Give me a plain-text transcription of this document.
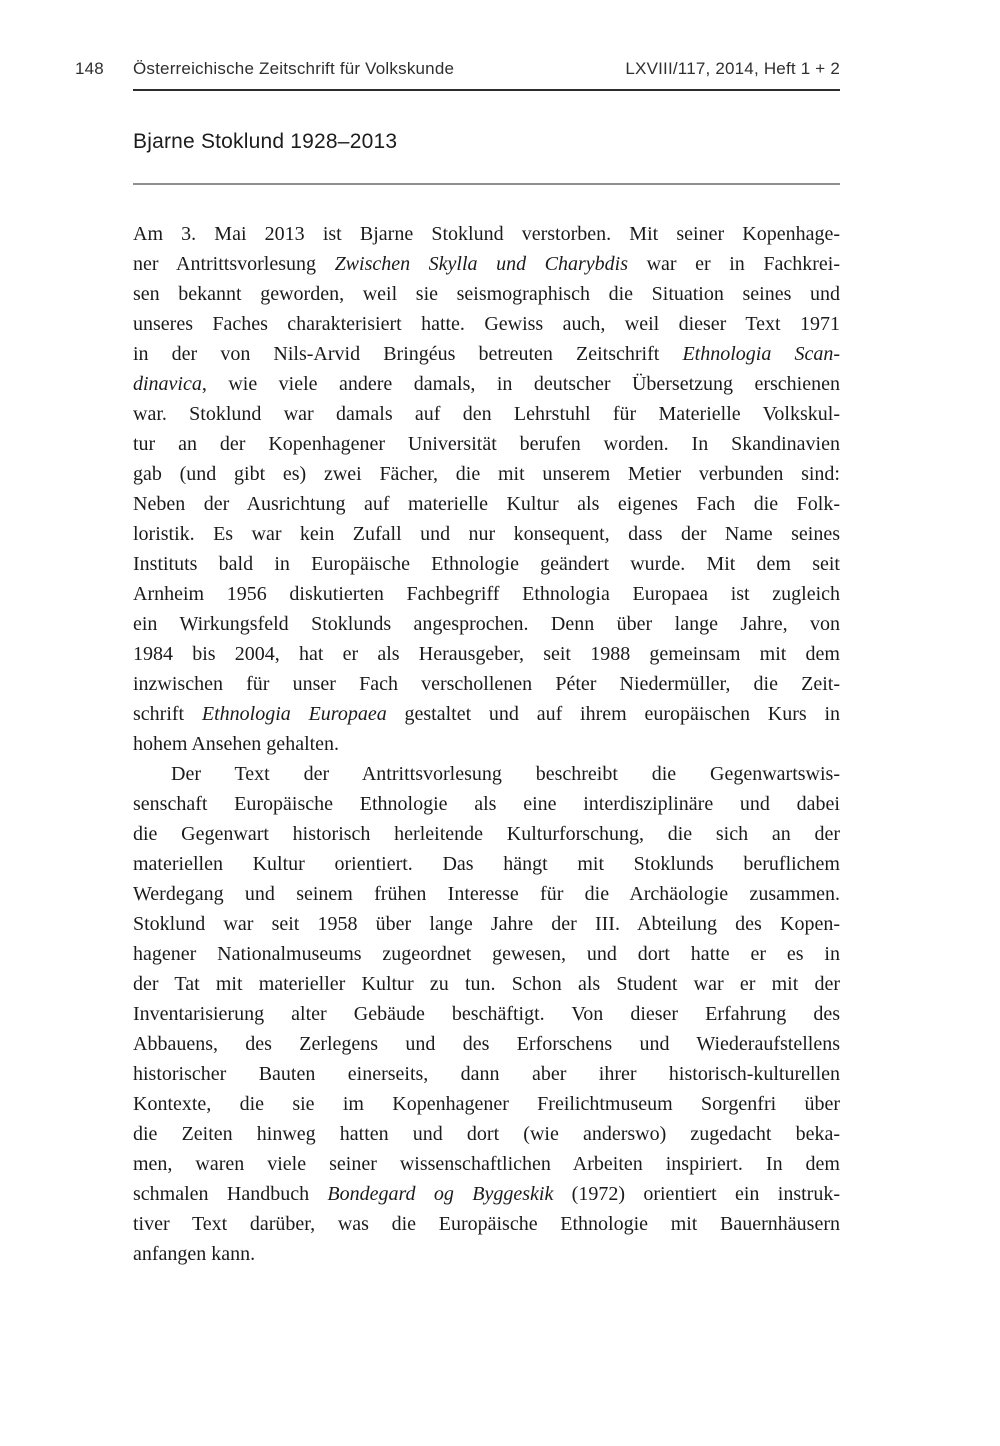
148 Österreichische Zeitschrift für Volkskunde	LXVIII/117, 2014, Heft 1 + 2
Bjarne Stoklund 1928–2013
Am 3. Mai 2013 ist Bjarne Stoklund verstorben. Mit seiner Kopenhage-
ner Antrittsvorlesung Zwischen Skylla und Charybdis war er in Fachkrei-
sen bekannt geworden, weil sie seismographisch die Situation seines und
unseres Faches charakterisiert hatte. Gewiss auch, weil dieser Text 1971
in der von Nils-Arvid Bringéus betreuten Zeitschrift Ethnologia Scan-
dinavica, wie viele andere damals, in deutscher Übersetzung erschienen
war. Stoklund war damals auf den Lehrstuhl für Materielle Volkskul-
tur an der Kopenhagener Universität berufen worden. In Skandinavien
gab (und gibt es) zwei Fächer, die mit unserem Metier verbunden sind:
Neben der Ausrichtung auf materielle Kultur als eigenes Fach die Folk-
loristik. Es war kein Zufall und nur konsequent, dass der Name seines
Instituts bald in Europäische Ethnologie geändert wurde. Mit dem seit
Arnheim 1956 diskutierten Fachbegriff Ethnologia Europaea ist zugleich
ein Wirkungsfeld Stoklunds angesprochen. Denn über lange Jahre, von
1984 bis 2004, hat er als Herausgeber, seit 1988 gemeinsam mit dem
inzwischen für unser Fach verschollenen Péter Niedermüller, die Zeit-
schrift Ethnologia Europaea gestaltet und auf ihrem europäischen Kurs in
hohem Ansehen gehalten.
Der Text der Antrittsvorlesung beschreibt die Gegenwartswis-
senschaft Europäische Ethnologie als eine interdisziplinäre und dabei
die Gegenwart historisch herleitende Kulturforschung, die sich an der
materiellen Kultur orientiert. Das hängt mit Stoklunds beruflichem
Werdegang und seinem frühen Interesse für die Archäologie zusammen.
Stoklund war seit 1958 über lange Jahre der III. Abteilung des Kopen-
hagener Nationalmuseums zugeordnet gewesen, und dort hatte er es in
der Tat mit materieller Kultur zu tun. Schon als Student war er mit der
Inventarisierung alter Gebäude beschäftigt. Von dieser Erfahrung des
Abbauens, des Zerlegens und des Erforschens und Wiederaufstellens
historischer Bauten einerseits, dann aber ihrer historisch-kulturellen
Kontexte, die sie im Kopenhagener Freilichtmuseum Sorgenfri über
die Zeiten hinweg hatten und dort (wie anderswo) zugedacht beka-
men, waren viele seiner wissenschaftlichen Arbeiten inspiriert. In dem
schmalen Handbuch Bondegard og Byggeskik (1972) orientiert ein instruk-
tiver Text darüber, was die Europäische Ethnologie mit Bauernhäusern
anfangen kann.
